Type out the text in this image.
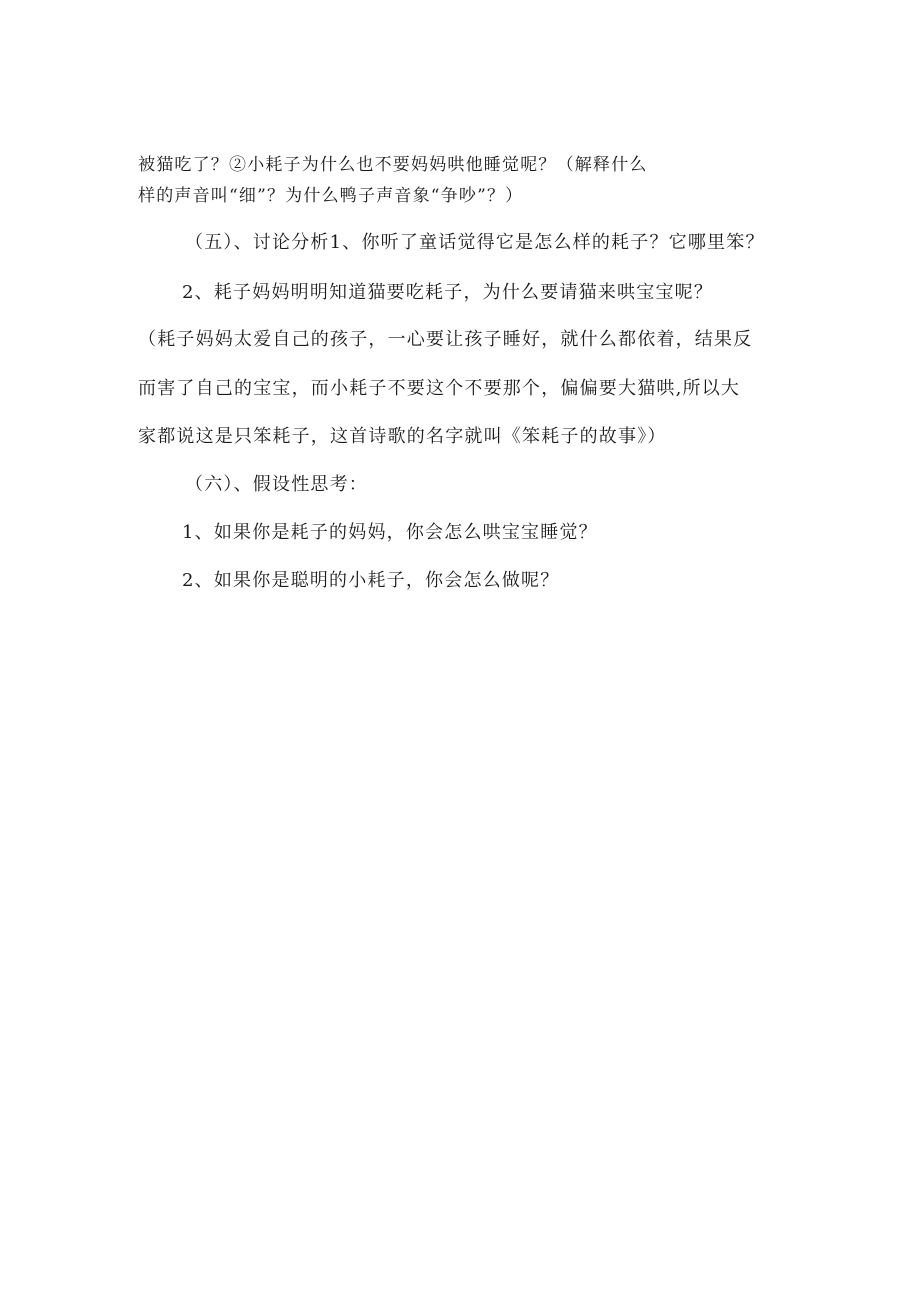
被猫吃了？②小耗子为什么也不要妈妈哄他睡觉呢？（解释什么
样的声音叫“细”？为什么鸭子声音象“争吵”？）
（五）、讨论分析1、你听了童话觉得它是怎么样的耗子？它哪里笨？
2、耗子妈妈明明知道猫要吃耗子，为什么要请猫来哄宝宝呢？
（耗子妈妈太爱自己的孩子，一心要让孩子睡好，就什么都依着，结果反
而害了自己的宝宝，而小耗子不要这个不要那个，偏偏要大猫哄,所以大
家都说这是只笨耗子，这首诗歌的名字就叫《笨耗子的故事》）
（六）、假设性思考：
1、如果你是耗子的妈妈，你会怎么哄宝宝睡觉？
2、如果你是聪明的小耗子，你会怎么做呢？
